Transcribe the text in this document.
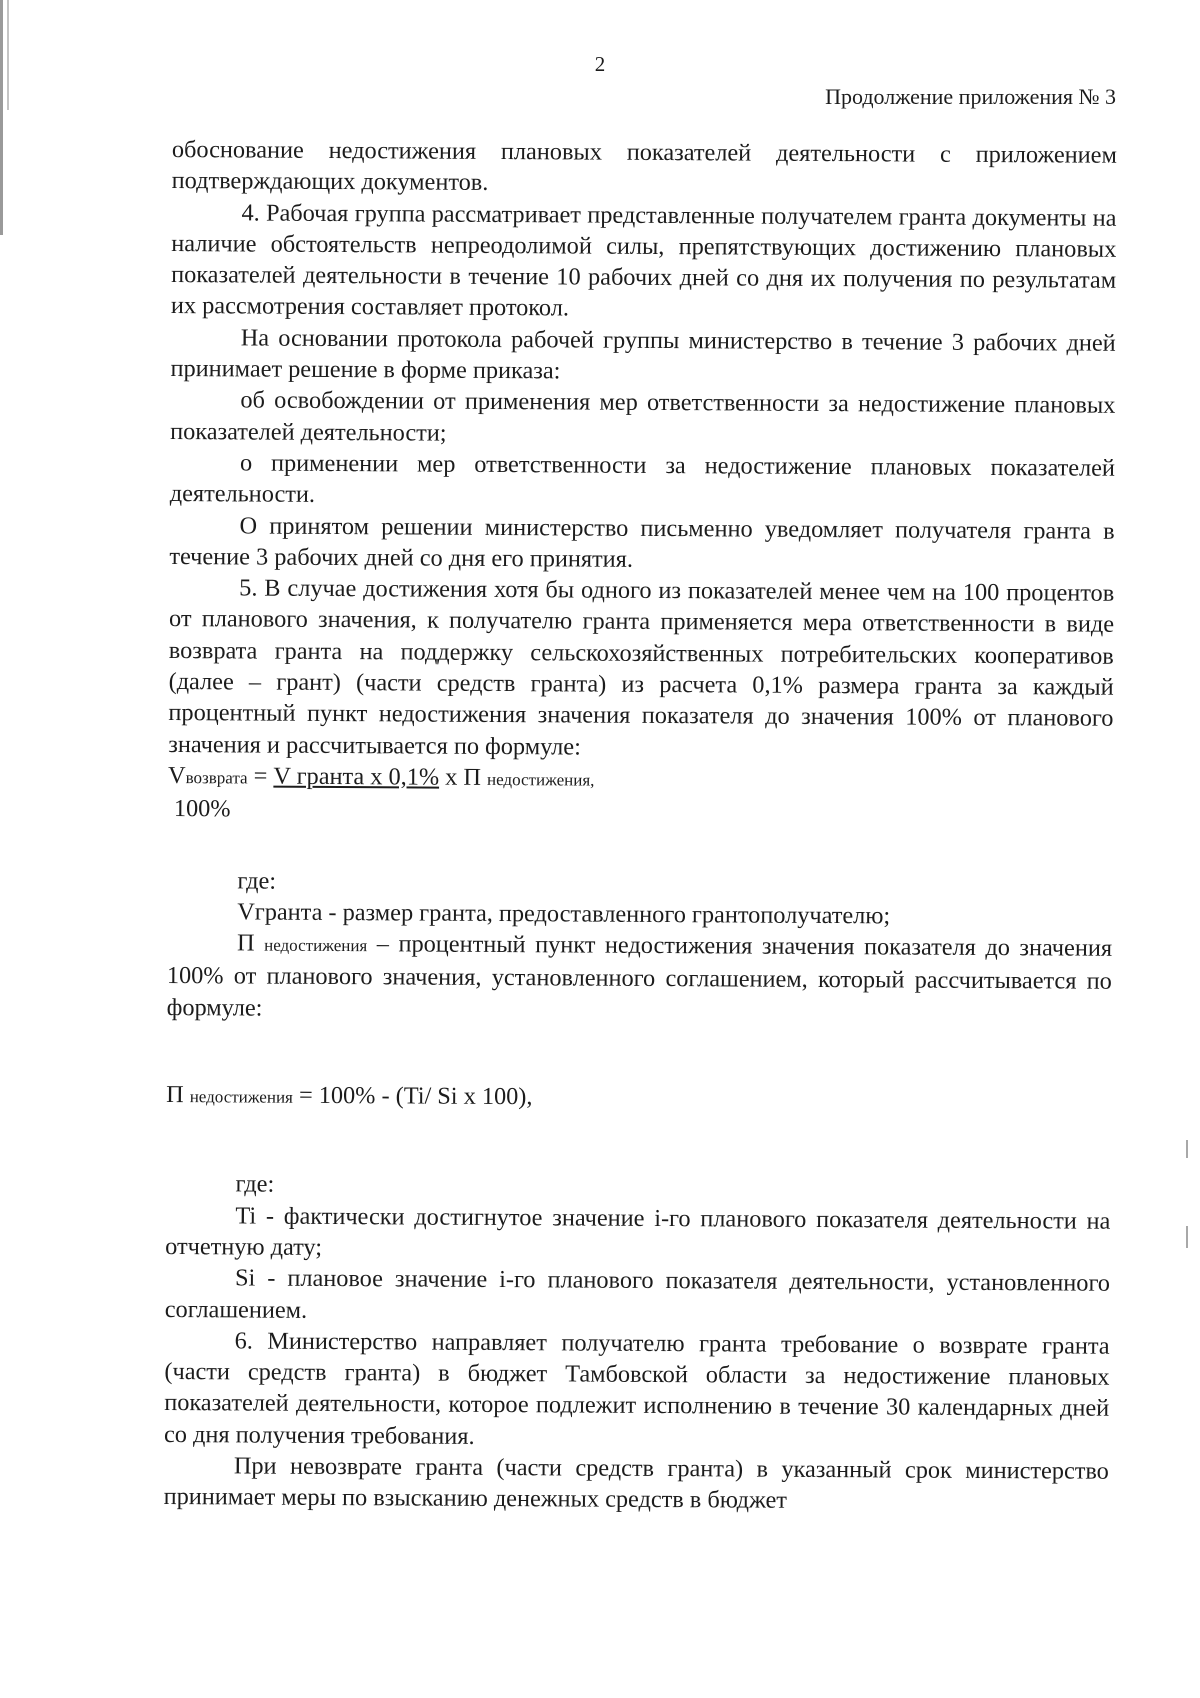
2
Продолжение приложения № 3

обоснование недостижения плановых показателей деятельности с приложением подтверждающих документов.

4. Рабочая группа рассматривает представленные получателем гранта документы на наличие обстоятельств непреодолимой силы, препятствующих достижению плановых показателей деятельности в течение 10 рабочих дней со дня их получения по результатам их рассмотрения составляет протокол.

На основании протокола рабочей группы министерство в течение 3 рабочих дней принимает решение в форме приказа:

об освобождении от применения мер ответственности за недостижение плановых показателей деятельности;

о применении мер ответственности за недостижение плановых показателей деятельности.

О принятом решении министерство письменно уведомляет получателя гранта в течение 3 рабочих дней со дня его принятия.

5. В случае достижения хотя бы одного из показателей менее чем на 100 процентов от планового значения, к получателю гранта применяется мера ответственности в виде возврата гранта на поддержку сельскохозяйственных потребительских кооперативов (далее – грант) (части средств гранта) из расчета 0,1% размера гранта за каждый процентный пункт недостижения значения показателя до значения 100% от планового значения и рассчитывается по формуле:

Vвозврата = V гранта х 0,1% х П недостижения,

100%

где:

Vгранта - размер гранта, предоставленного грантополучателю;

П недостижения – процентный пункт недостижения значения показателя до значения 100% от планового значения, установленного соглашением, который рассчитывается по формуле:

П недостижения = 100% - (Ti/ Si х 100),

где:

Ti - фактически достигнутое значение i-го планового показателя деятельности на отчетную дату;

Si - плановое значение i-го планового показателя деятельности, установленного соглашением.

6. Министерство направляет получателю гранта требование о возврате гранта (части средств гранта) в бюджет Тамбовской области за недостижение плановых показателей деятельности, которое подлежит исполнению в течение 30 календарных дней со дня получения требования.

При невозврате гранта (части средств гранта) в указанный срок министерство принимает меры по взысканию денежных средств в бюджет
